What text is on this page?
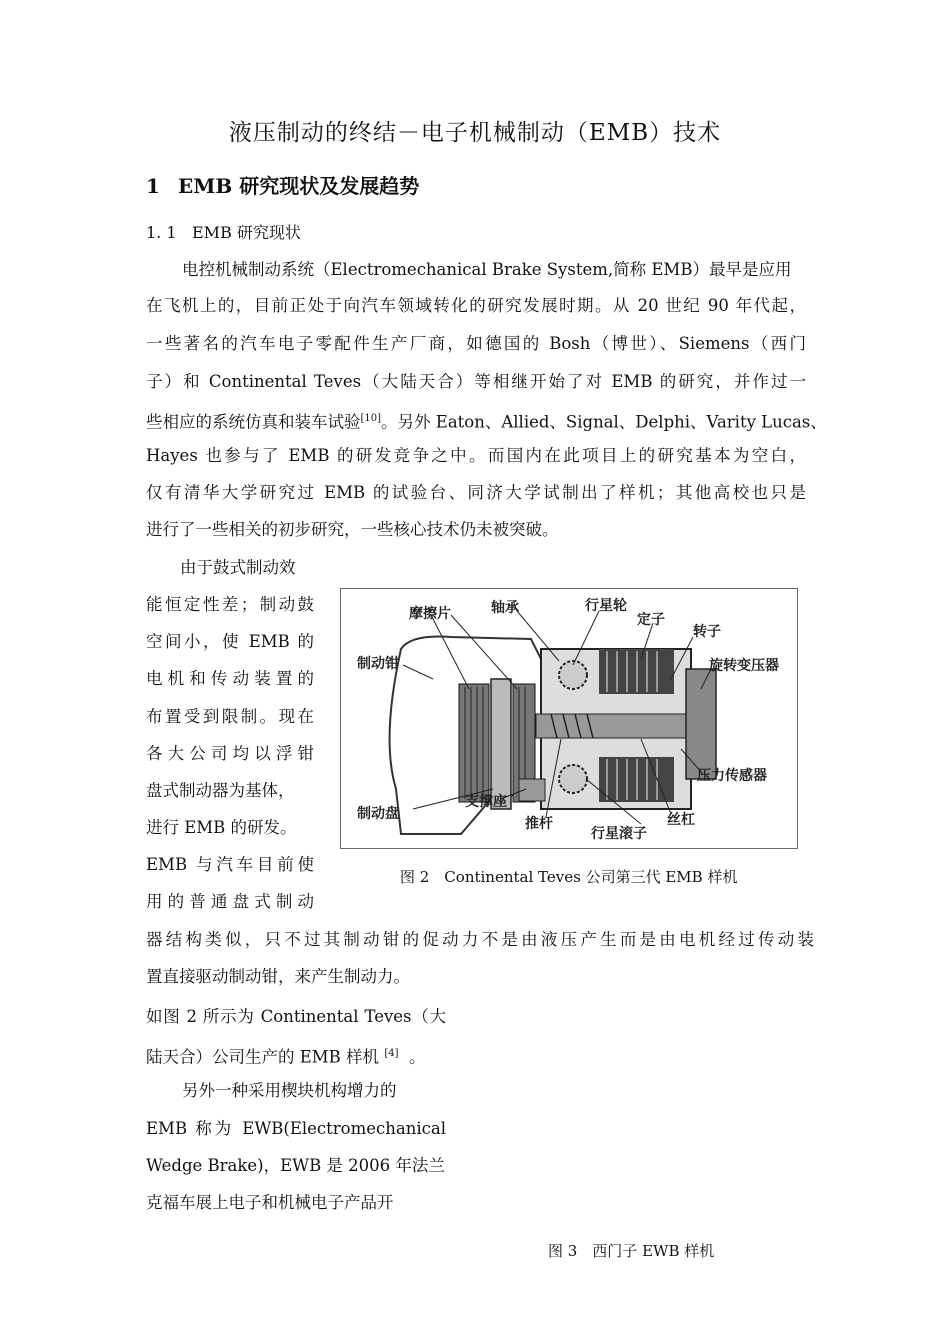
液压制动的终结－电子机械制动（EMB）技术
1 EMB 研究现状及发展趋势
1. 1 EMB 研究现状
电控机械制动系统（Electromechanical Brake System,简称 EMB）最早是应用
在飞机上的，目前正处于向汽车领域转化的研究发展时期。从 20 世纪 90 年代起，
一些著名的汽车电子零配件生产厂商，如德国的 Bosh（博世）、Siemens（西门
子）和 Continental Teves（大陆天合）等相继开始了对 EMB 的研究，并作过一
些相应的系统仿真和装车试验[10]。另外 Eaton、Allied、Signal、Delphi、Varity Lucas、
Hayes 也参与了 EMB 的研发竞争之中。而国内在此项目上的研究基本为空白，
仅有清华大学研究过 EMB 的试验台、同济大学试制出了样机；其他高校也只是
进行了一些相关的初步研究，一些核心技术仍未被突破。
由于鼓式制动效
能恒定性差；制动鼓
空间小，使 EMB 的
电机和传动装置的
布置受到限制。现在
各大公司均以浮钳
盘式制动器为基体，
进行 EMB 的研发。
EMB 与汽车目前使
用的普通盘式制动
器结构类似，只不过其制动钳的促动力不是由液压产生而是由电机经过传动装
置直接驱动制动钳，来产生制动力。
如图 2 所示为 Continental Teves（大
陆天合）公司生产的 EMB 样机 [4] 。
另外一种采用楔块机构增力的
EMB 称为 EWB(Electromechanical
Wedge Brake)，EWB 是 2006 年法兰
克福车展上电子和机械电子产品开
摩擦片	轴承	行星轮
定子
转子
制动钳	旋转变压器
压力传感器
支撑座
制动盘
推杆	丝杠
行星滚子
图 2　Continental Teves 公司第三代 EMB 样机
图 3　西门子 EWB 样机
